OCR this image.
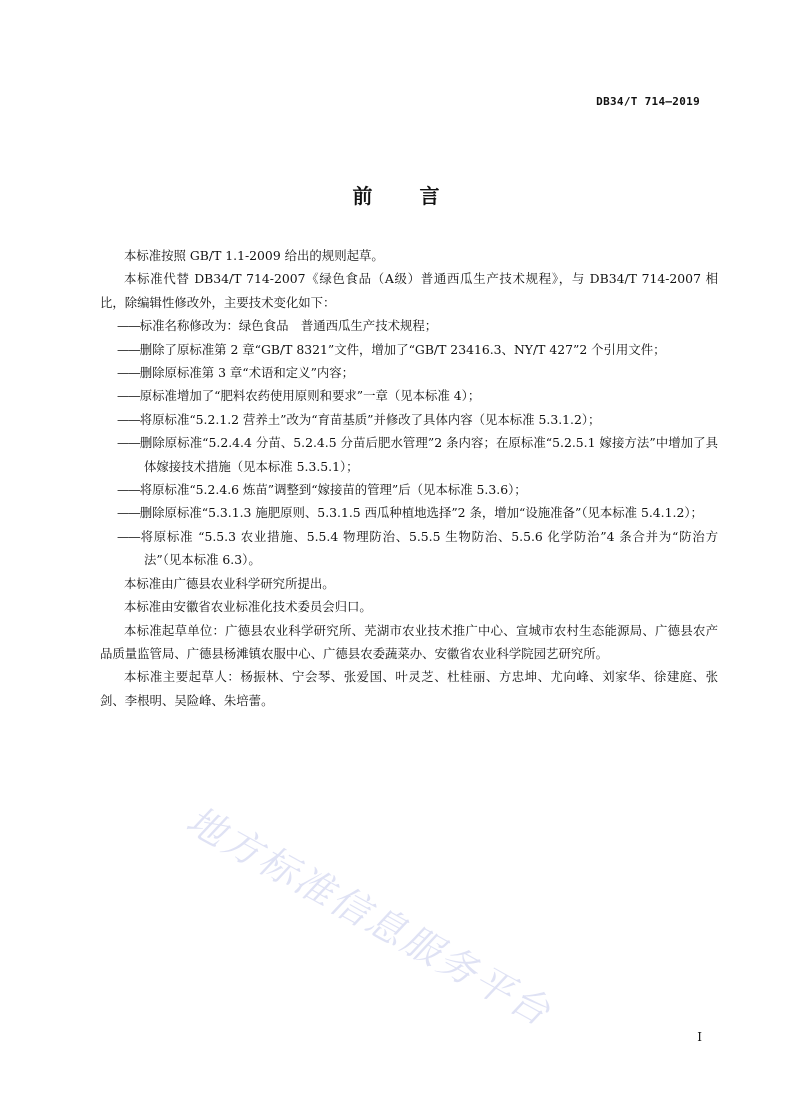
DB34/T 714—2019
前 言

本标准按照 GB/T 1.1-2009 给出的规则起草。

本标准代替 DB34/T 714-2007《绿色食品（A级）普通西瓜生产技术规程》，与 DB34/T 714-2007 相比，除编辑性修改外，主要技术变化如下：

——标准名称修改为：绿色食品　普通西瓜生产技术规程；

——删除了原标准第 2 章“GB/T 8321”文件，增加了“GB/T 23416.3、NY/T 427”2 个引用文件；

——删除原标准第 3 章“术语和定义”内容；

——原标准增加了“肥料农药使用原则和要求”一章（见本标准 4）；

——将原标准“5.2.1.2 营养土”改为“育苗基质”并修改了具体内容（见本标准 5.3.1.2）；

——删除原标准“5.2.4.4 分苗、5.2.4.5 分苗后肥水管理”2 条内容；在原标准“5.2.5.1 嫁接方法”中增加了具体嫁接技术措施（见本标准 5.3.5.1）；

——将原标准“5.2.4.6 炼苗”调整到“嫁接苗的管理”后（见本标准 5.3.6）；

——删除原标准“5.3.1.3 施肥原则、5.3.1.5 西瓜种植地选择”2 条，增加“设施准备”（见本标准 5.4.1.2）；

——将原标准 “5.5.3 农业措施、5.5.4 物理防治、5.5.5 生物防治、5.5.6 化学防治”4 条合并为“防治方法”（见本标准 6.3）。

本标准由广德县农业科学研究所提出。

本标准由安徽省农业标准化技术委员会归口。

本标准起草单位：广德县农业科学研究所、芜湖市农业技术推广中心、宣城市农村生态能源局、广德县农产品质量监管局、广德县杨滩镇农服中心、广德县农委蔬菜办、安徽省农业科学院园艺研究所。

本标准主要起草人：杨振林、宁会琴、张爱国、叶灵芝、杜桂丽、方忠坤、尤向峰、刘家华、徐建庭、张剑、李根明、吴险峰、朱培蕾。

地方标准信息服务平台
I
